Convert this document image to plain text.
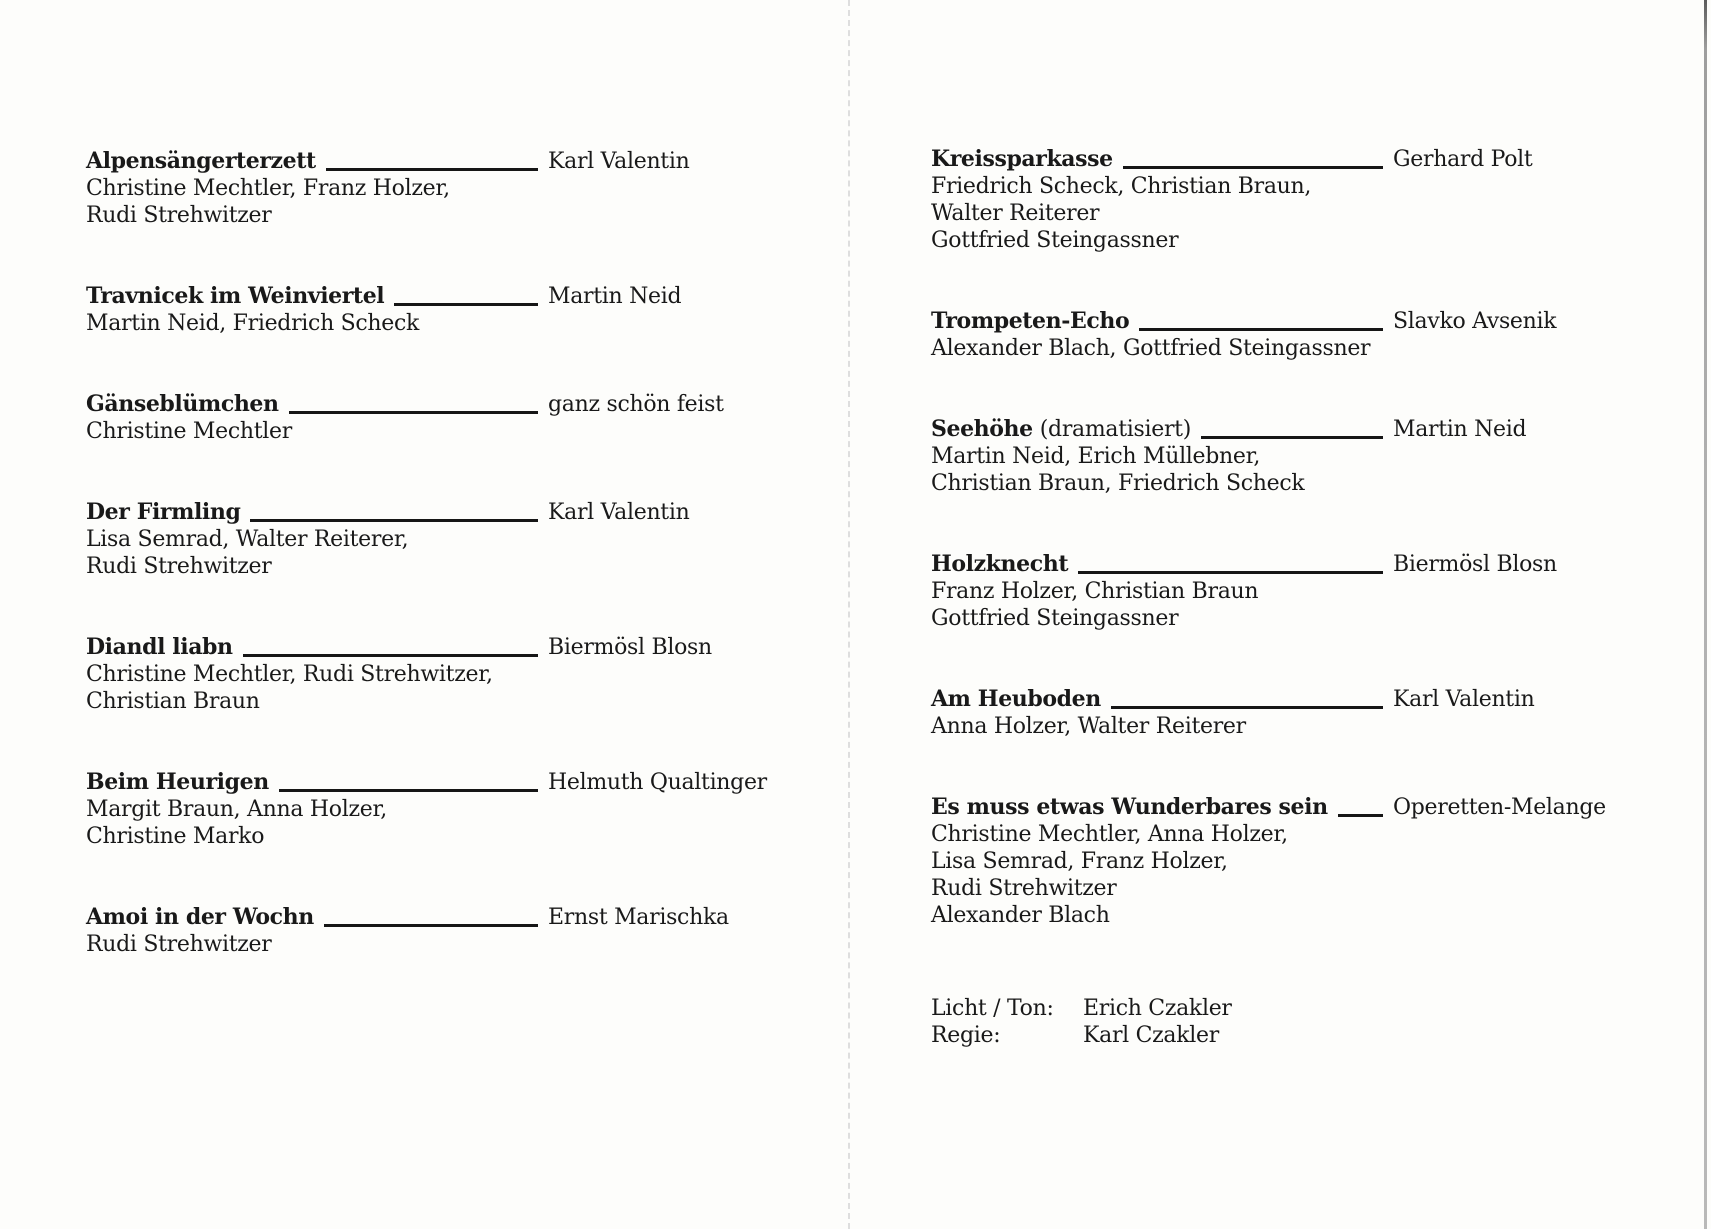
Alpensängerterzett	Karl Valentin
Christine Mechtler, Franz Holzer,
Rudi Strehwitzer
Travnicek im Weinviertel	Martin Neid
Martin Neid, Friedrich Scheck
Gänseblümchen	ganz schön feist
Christine Mechtler
Der Firmling	Karl Valentin
Lisa Semrad, Walter Reiterer,
Rudi Strehwitzer
Diandl liabn	Biermösl Blosn
Christine Mechtler, Rudi Strehwitzer,
Christian Braun
Beim Heurigen	Helmuth Qualtinger
Margit Braun, Anna Holzer,
Christine Marko
Amoi in der Wochn	Ernst Marischka
Rudi Strehwitzer
Kreissparkasse	Gerhard Polt
Friedrich Scheck, Christian Braun,
Walter Reiterer
Gottfried Steingassner
Trompeten-Echo	Slavko Avsenik
Alexander Blach, Gottfried Steingassner
Seehöhe (dramatisiert)	Martin Neid
Martin Neid, Erich Müllebner,
Christian Braun, Friedrich Scheck
Holzknecht	Biermösl Blosn
Franz Holzer, Christian Braun
Gottfried Steingassner
Am Heuboden	Karl Valentin
Anna Holzer, Walter Reiterer
Es muss etwas Wunderbares sein	Operetten-Melange
Christine Mechtler, Anna Holzer,
Lisa Semrad, Franz Holzer,
Rudi Strehwitzer
Alexander Blach
Licht / Ton:	Erich Czakler
Regie:	Karl Czakler
